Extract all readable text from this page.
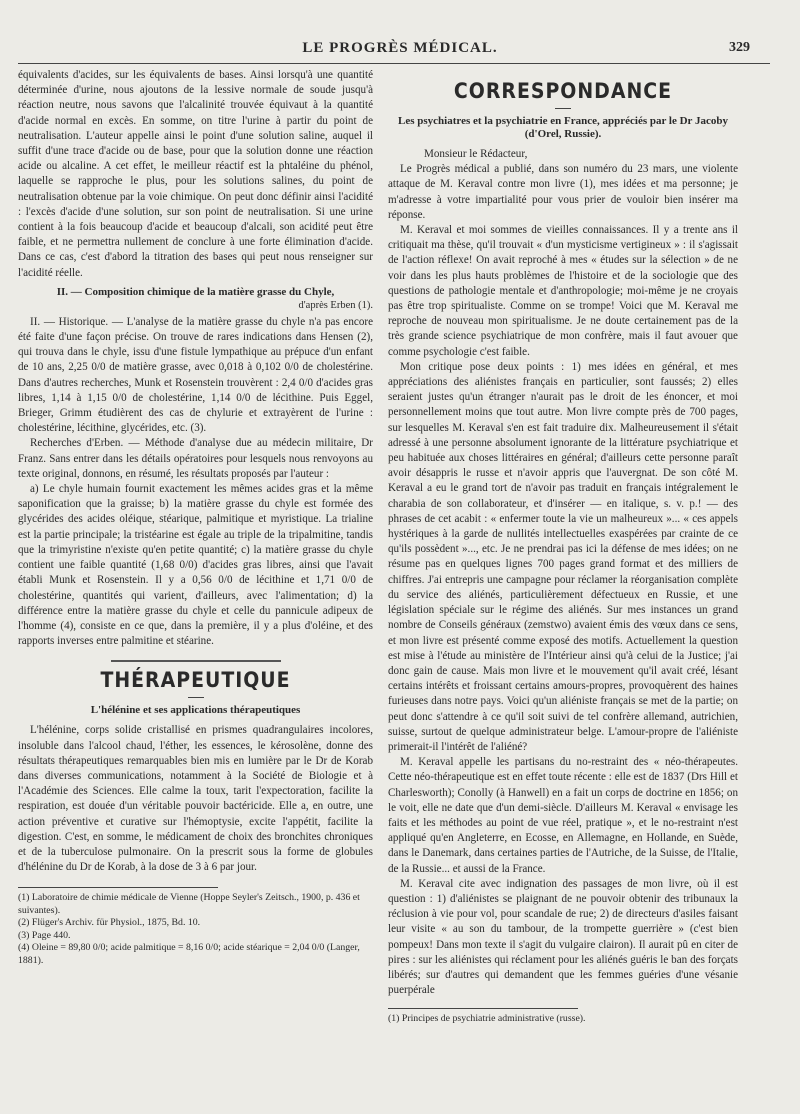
LE PROGRÈS MÉDICAL.	329

équivalents d'acides, sur les équivalents de bases. Ainsi lorsqu'à une quantité déterminée d'urine, nous ajoutons de la lessive normale de soude jusqu'à réaction neutre, nous savons que l'alcalinité trouvée équivaut à la quantité d'acide normal en excès. En somme, on titre l'urine à partir du point de neutralisation. L'auteur appelle ainsi le point d'une solution saline, auquel il suffit d'une trace d'acide ou de base, pour que la solution donne une réaction acide ou alcaline. A cet effet, le meilleur réactif est la phtaléine du phénol, laquelle se rapproche le plus, pour les solutions salines, du point de neutralisation obtenue par la voie chimique. On peut donc définir ainsi l'acidité : l'excès d'acide d'une solution, sur son point de neutralisation. Si une urine contient à la fois beaucoup d'acide et beaucoup d'alcali, son acidité peut être faible, et ne permettra nullement de conclure à une forte élimination d'acide. Dans ce cas, c'est d'abord la titration des bases qui peut nous renseigner sur l'acidité réelle.

II. — Composition chimique de la matière grasse du Chyle,

d'après Erben (1).

II. — Historique. — L'analyse de la matière grasse du chyle n'a pas encore été faite d'une façon précise. On trouve de rares indications dans Hensen (2), qui trouva dans le chyle, issu d'une fistule lympathique au prépuce d'un enfant de 10 ans, 2,25 0/0 de matière grasse, avec 0,018 à 0,102 0/0 de cholestérine. Dans d'autres recherches, Munk et Rosenstein trouvèrent : 2,4 0/0 d'acides gras libres, 1,14 à 1,15 0/0 de cholestérine, 1,14 0/0 de lécithine. Puis Eggel, Brieger, Grimm étudièrent des cas de chylurie et extrayèrent de l'urine : cholestérine, lécithine, glycérides, etc. (3).

Recherches d'Erben. — Méthode d'analyse due au médecin militaire, Dr Franz. Sans entrer dans les détails opératoires pour lesquels nous renvoyons au texte original, donnons, en résumé, les résultats proposés par l'auteur :

a) Le chyle humain fournit exactement les mêmes acides gras et la même saponification que la graisse; b) la matière grasse du chyle est formée des glycérides des acides oléique, stéarique, palmitique et myristique. La trialine est la partie principale; la tristéarine est égale au triple de la tripalmitine, tandis que la trimyristine n'existe qu'en petite quantité; c) la matière grasse du chyle contient une faible quantité (1,68 0/0) d'acides gras libres, ainsi que l'avait établi Munk et Rosenstein. Il y a 0,56 0/0 de lécithine et 1,71 0/0 de cholestérine, quantités qui varient, d'ailleurs, avec l'alimentation; d) la différence entre la matière grasse du chyle et celle du pannicule adipeux de l'homme (4), consiste en ce que, dans la première, il y a plus d'oléine, et des rapports inverses entre palmitine et stéarine.

THÉRAPEUTIQUE

L'hélénine et ses applications thérapeutiques

L'hélénine, corps solide cristallisé en prismes quadrangulaires incolores, insoluble dans l'alcool chaud, l'éther, les essences, le kérosolène, donne des résultats thérapeutiques remarquables bien mis en lumière par le Dr de Korab dans diverses communications, notamment à la Société de Biologie et à l'Académie des Sciences. Elle calme la toux, tarit l'expectoration, facilite la respiration, est douée d'un véritable pouvoir bactéricide. Elle a, en outre, une action préventive et curative sur l'hémoptysie, excite l'appétit, facilite la digestion. C'est, en somme, le médicament de choix des bronchites chroniques et de la tuberculose pulmonaire. On la prescrit sous la forme de globules d'hélénine du Dr de Korab, à la dose de 3 à 6 par jour.

(1) Laboratoire de chimie médicale de Vienne (Hoppe Seyler's Zeitsch., 1900, p. 436 et suivantes).

(2) Flüger's Archiv. für Physiol., 1875, Bd. 10.

(3) Page 440.

(4) Oleine = 89,80 0/0; acide palmitique = 8,16 0/0; acide stéarique = 2,04 0/0 (Langer, 1881).

CORRESPONDANCE

Les psychiatres et la psychiatrie en France, appréciés par le Dr Jacoby (d'Orel, Russie).

Monsieur le Rédacteur,

Le Progrès médical a publié, dans son numéro du 23 mars, une violente attaque de M. Keraval contre mon livre (1), mes idées et ma personne; je m'adresse à votre impartialité pour vous prier de vouloir bien insérer ma réponse.

M. Keraval et moi sommes de vieilles connaissances. Il y a trente ans il critiquait ma thèse, qu'il trouvait « d'un mysticisme vertigineux » : il s'agissait de l'action réflexe! On avait reproché à mes « études sur la sélection » de ne voir dans les plus hauts problèmes de l'histoire et de la sociologie que des questions de pathologie mentale et d'anthropologie; moi-même je ne croyais pas être trop spiritualiste. Comme on se trompe! Voici que M. Keraval me reproche de nouveau mon spiritualisme. Je ne doute certainement pas de la très grande science psychiatrique de mon confrère, mais il faut avouer que comme psychologie c'est faible.

Mon critique pose deux points : 1) mes idées en général, et mes appréciations des aliénistes français en particulier, sont faussés; 2) elles seraient justes qu'un étranger n'aurait pas le droit de les énoncer, et moi personnellement moins que tout autre. Mon livre compte près de 700 pages, sur lesquelles M. Keraval s'en est fait traduire dix. Malheureusement il s'était adressé à une personne absolument ignorante de la littérature psychiatrique et peu habituée aux choses littéraires en général; d'ailleurs cette personne paraît avoir désappris le russe et n'avoir appris que l'auvergnat. De son côté M. Keraval a eu le grand tort de n'avoir pas traduit en français intégralement le charabia de son collaborateur, et d'insérer — en italique, s. v. p.! — des phrases de cet acabit : « enfermer toute la vie un malheureux »... « ces appels hystériques à la garde de nullités intellectuelles exaspérées par crainte de ce qu'ils possèdent »..., etc. Je ne prendrai pas ici la défense de mes idées; on ne résume pas en quelques lignes 700 pages grand format et des milliers de chiffres. J'ai entrepris une campagne pour réclamer la réorganisation complète du service des aliénés, particulièrement défectueux en Russie, et une législation spéciale sur le régime des aliénés. Sur mes instances un grand nombre de Conseils généraux (zemstwo) avaient émis des vœux dans ce sens, et mon livre est présenté comme exposé des motifs. Actuellement la question est mise à l'étude au ministère de l'Intérieur ainsi qu'à celui de la Justice; j'ai donc gain de cause. Mais mon livre et le mouvement qu'il avait créé, lésant certains intérêts et froissant certains amours-propres, provoquèrent des haines furieuses dans notre pays. Voici qu'un aliéniste français se met de la partie; on peut donc s'attendre à ce qu'il soit suivi de tel confrère allemand, autrichien, suisse, surtout de quelque administrateur belge. L'amour-propre de l'aliéniste primerait-il l'intérêt de l'aliéné?

M. Keraval appelle les partisans du no-restraint des « néo-thérapeutes. Cette néo-thérapeutique est en effet toute récente : elle est de 1837 (Drs Hill et Charlesworth); Conolly (à Hanwell) en a fait un corps de doctrine en 1856; on le voit, elle ne date que d'un demi-siècle. D'ailleurs M. Keraval « envisage les faits et les méthodes au point de vue réel, pratique », et le no-restraint n'est appliqué qu'en Angleterre, en Ecosse, en Allemagne, en Hollande, en Suède, dans le Danemark, dans certaines parties de l'Autriche, de la Suisse, de l'Italie, de la Russie... et aussi de la France.

M. Keraval cite avec indignation des passages de mon livre, où il est question : 1) d'aliénistes se plaignant de ne pouvoir obtenir des tribunaux la réclusion à vie pour vol, pour scandale de rue; 2) de directeurs d'asiles faisant leur visite « au son du tambour, de la trompette guerrière » (c'est bien pompeux! Dans mon texte il s'agit du vulgaire clairon). Il aurait pû en citer de pires : sur les aliénistes qui réclament pour les aliénés guéris le ban des forçats libérés; sur d'autres qui demandent que les femmes guéries d'une vésanie puerpérale

(1) Principes de psychiatrie administrative (russe).
